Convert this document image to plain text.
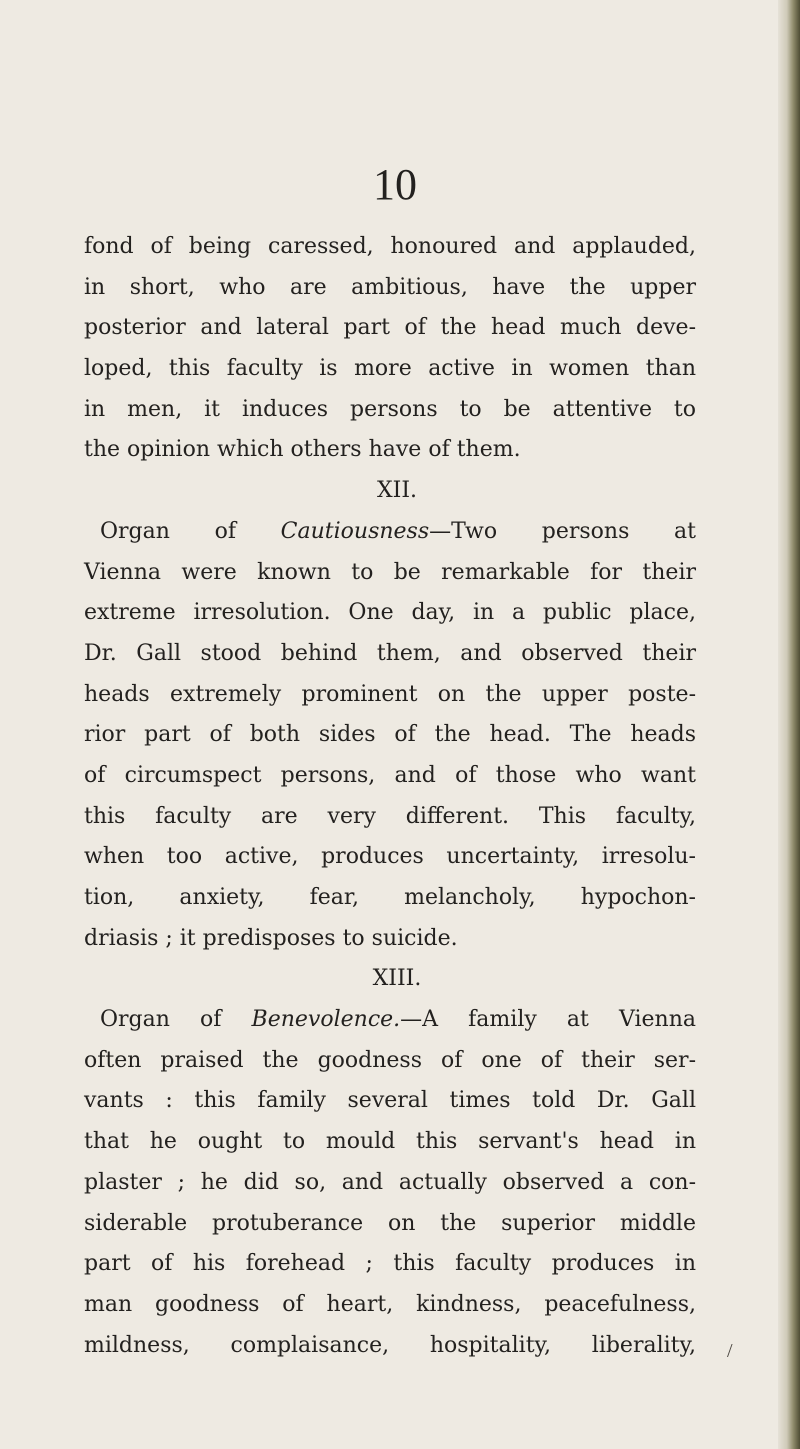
10
fond of being caressed, honoured and applauded,
in short, who are ambitious, have the upper
posterior and lateral part of the head much deve-
loped, this faculty is more active in women than
in men, it induces persons to be attentive to
the opinion which others have of them.
XII.
Organ of Cautiousness—Two persons at
Vienna were known to be remarkable for their
extreme irresolution. One day, in a public place,
Dr. Gall stood behind them, and observed their
heads extremely prominent on the upper poste-
rior part of both sides of the head. The heads
of circumspect persons, and of those who want
this faculty are very different. This faculty,
when too active, produces uncertainty, irresolu-
tion, anxiety, fear, melancholy, hypochon-
driasis ; it predisposes to suicide.
XIII.
Organ of Benevolence.—A family at Vienna
often praised the goodness of one of their ser-
vants : this family several times told Dr. Gall
that he ought to mould this servant's head in
plaster ; he did so, and actually observed a con-
siderable protuberance on the superior middle
part of his forehead ; this faculty produces in
man goodness of heart, kindness, peacefulness,
mildness, complaisance, hospitality, liberality, /
